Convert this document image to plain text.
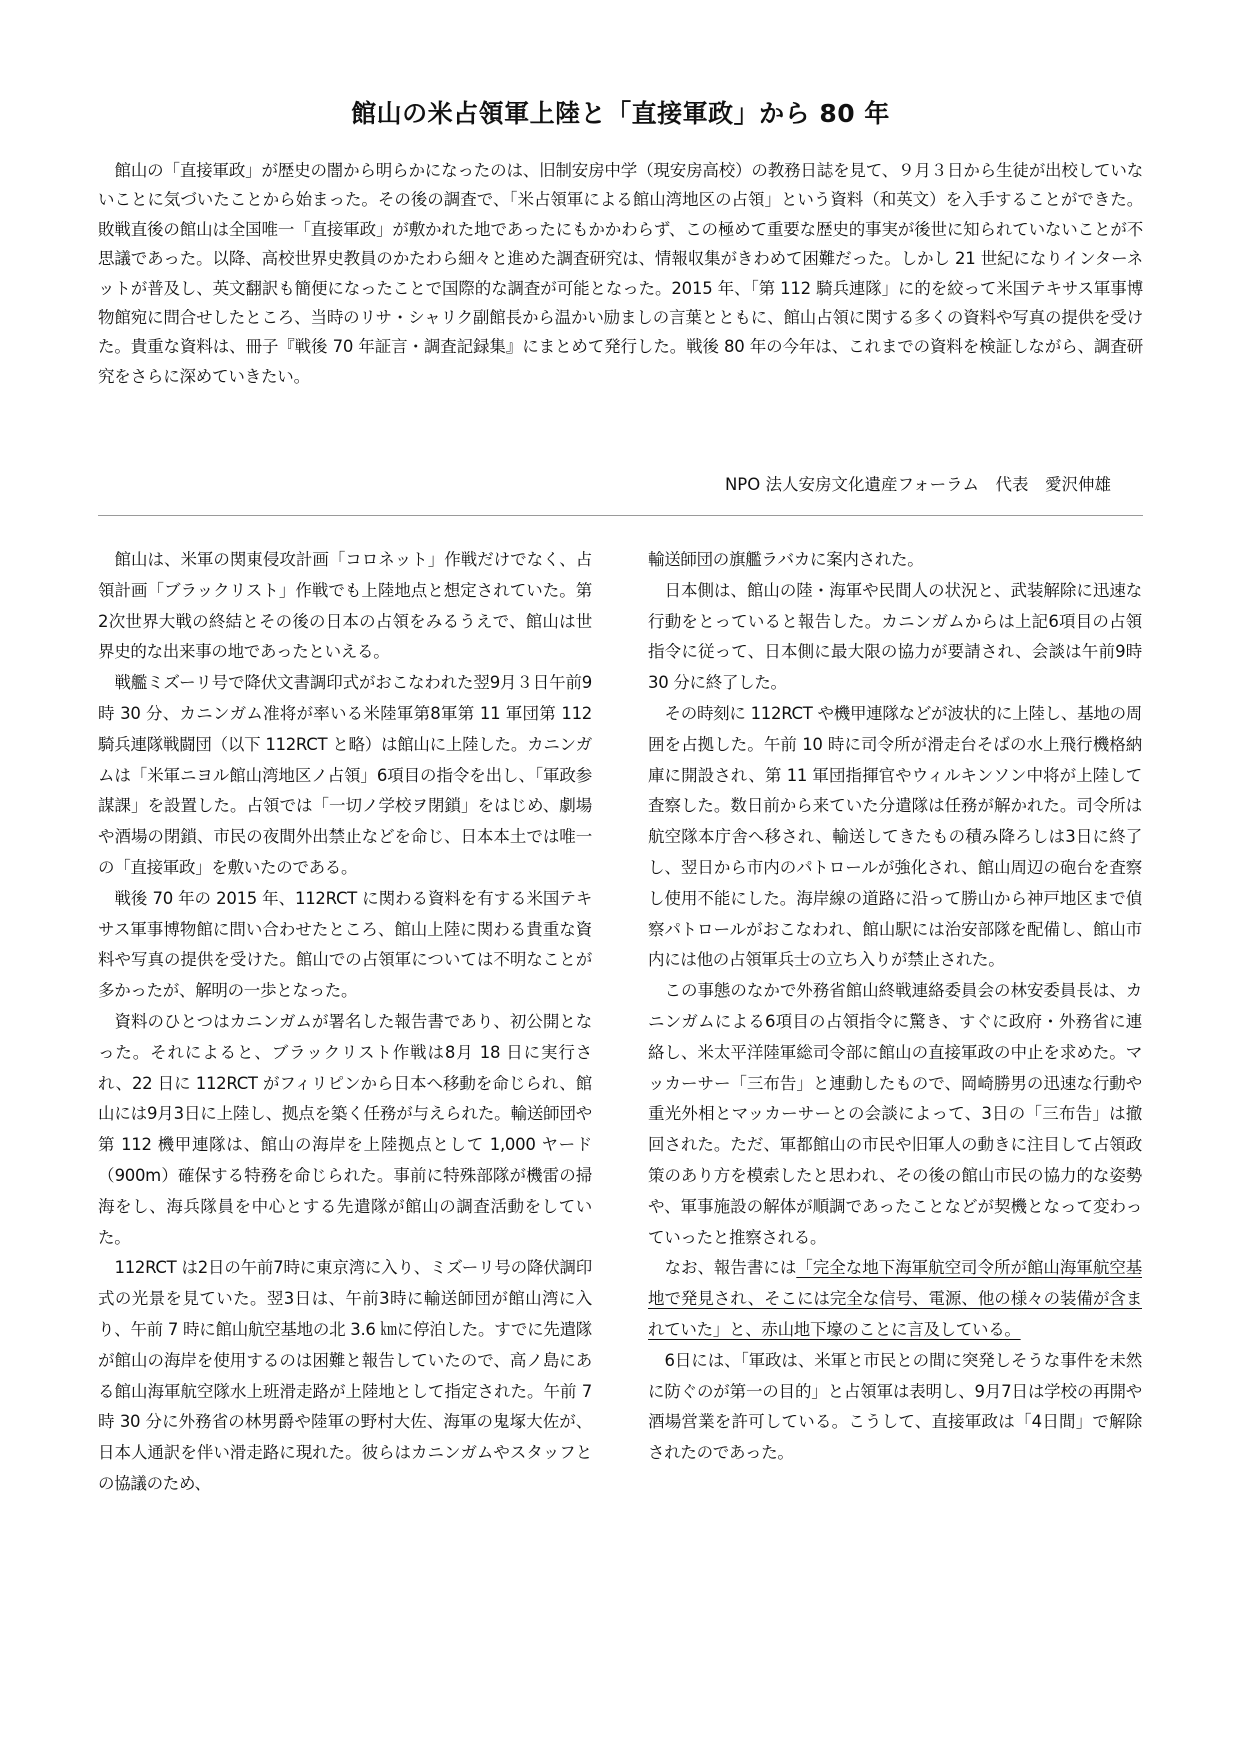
館山の米占領軍上陸と「直接軍政」から 80 年

館山の「直接軍政」が歴史の闇から明らかになったのは、旧制安房中学（現安房高校）の教務日誌を見て、９月３日から生徒が出校していないことに気づいたことから始まった。その後の調査で、「米占領軍による館山湾地区の占領」という資料（和英文）を入手することができた。敗戦直後の館山は全国唯一「直接軍政」が敷かれた地であったにもかかわらず、この極めて重要な歴史的事実が後世に知られていないことが不思議であった。以降、高校世界史教員のかたわら細々と進めた調査研究は、情報収集がきわめて困難だった。しかし 21 世紀になりインターネットが普及し、英文翻訳も簡便になったことで国際的な調査が可能となった。2015 年、「第 112 騎兵連隊」に的を絞って米国テキサス軍事博物館宛に問合せしたところ、当時のリサ・シャリク副館長から温かい励ましの言葉とともに、館山占領に関する多くの資料や写真の提供を受けた。貴重な資料は、冊子『戦後 70 年証言・調査記録集』にまとめて発行した。戦後 80 年の今年は、これまでの資料を検証しながら、調査研究をさらに深めていきたい。

NPO 法人安房文化遺産フォーラム　代表　愛沢伸雄

館山は、米軍の関東侵攻計画「コロネット」作戦だけでなく、占領計画「ブラックリスト」作戦でも上陸地点と想定されていた。第2次世界大戦の終結とその後の日本の占領をみるうえで、館山は世界史的な出来事の地であったといえる。

戦艦ミズーリ号で降伏文書調印式がおこなわれた翌9月３日午前9時 30 分、カニンガム准将が率いる米陸軍第8軍第 11 軍団第 112 騎兵連隊戦闘団（以下 112RCT と略）は館山に上陸した。カニンガムは「米軍ニヨル館山湾地区ノ占領」6項目の指令を出し、「軍政参謀課」を設置した。占領では「一切ノ学校ヲ閉鎖」をはじめ、劇場や酒場の閉鎖、市民の夜間外出禁止などを命じ、日本本土では唯一の「直接軍政」を敷いたのである。

戦後 70 年の 2015 年、112RCT に関わる資料を有する米国テキサス軍事博物館に問い合わせたところ、館山上陸に関わる貴重な資料や写真の提供を受けた。館山での占領軍については不明なことが多かったが、解明の一歩となった。

資料のひとつはカニンガムが署名した報告書であり、初公開となった。それによると、ブラックリスト作戦は8月 18 日に実行され、22 日に 112RCT がフィリピンから日本へ移動を命じられ、館山には9月3日に上陸し、拠点を築く任務が与えられた。輸送師団や第 112 機甲連隊は、館山の海岸を上陸拠点として 1,000 ヤード（900m）確保する特務を命じられた。事前に特殊部隊が機雷の掃海をし、海兵隊員を中心とする先遣隊が館山の調査活動をしていた。

112RCT は2日の午前7時に東京湾に入り、ミズーリ号の降伏調印式の光景を見ていた。翌3日は、午前3時に輸送師団が館山湾に入り、午前 7 時に館山航空基地の北 3.6 ㎞に停泊した。すでに先遣隊が館山の海岸を使用するのは困難と報告していたので、高ノ島にある館山海軍航空隊水上班滑走路が上陸地として指定された。午前 7 時 30 分に外務省の林男爵や陸軍の野村大佐、海軍の鬼塚大佐が、日本人通訳を伴い滑走路に現れた。彼らはカニンガムやスタッフとの協議のため、

輸送師団の旗艦ラバカに案内された。

日本側は、館山の陸・海軍や民間人の状況と、武装解除に迅速な行動をとっていると報告した。カニンガムからは上記6項目の占領指令に従って、日本側に最大限の協力が要請され、会談は午前9時 30 分に終了した。

その時刻に 112RCT や機甲連隊などが波状的に上陸し、基地の周囲を占拠した。午前 10 時に司令所が滑走台そばの水上飛行機格納庫に開設され、第 11 軍団指揮官やウィルキンソン中将が上陸して査察した。数日前から来ていた分遣隊は任務が解かれた。司令所は航空隊本庁舎へ移され、輸送してきたもの積み降ろしは3日に終了し、翌日から市内のパトロールが強化され、館山周辺の砲台を査察し使用不能にした。海岸線の道路に沿って勝山から神戸地区まで偵察パトロールがおこなわれ、館山駅には治安部隊を配備し、館山市内には他の占領軍兵士の立ち入りが禁止された。

この事態のなかで外務省館山終戦連絡委員会の林安委員長は、カニンガムによる6項目の占領指令に驚き、すぐに政府・外務省に連絡し、米太平洋陸軍総司令部に館山の直接軍政の中止を求めた。マッカーサー「三布告」と連動したもので、岡崎勝男の迅速な行動や重光外相とマッカーサーとの会談によって、3日の「三布告」は撤回された。ただ、軍都館山の市民や旧軍人の動きに注目して占領政策のあり方を模索したと思われ、その後の館山市民の協力的な姿勢や、軍事施設の解体が順調であったことなどが契機となって変わっていったと推察される。

なお、報告書には「完全な地下海軍航空司令所が館山海軍航空基地で発見され、そこには完全な信号、電源、他の様々の装備が含まれていた」と、赤山地下壕のことに言及している。

6日には、「軍政は、米軍と市民との間に突発しそうな事件を未然に防ぐのが第一の目的」と占領軍は表明し、9月7日は学校の再開や酒場営業を許可している。こうして、直接軍政は「4日間」で解除されたのであった。
